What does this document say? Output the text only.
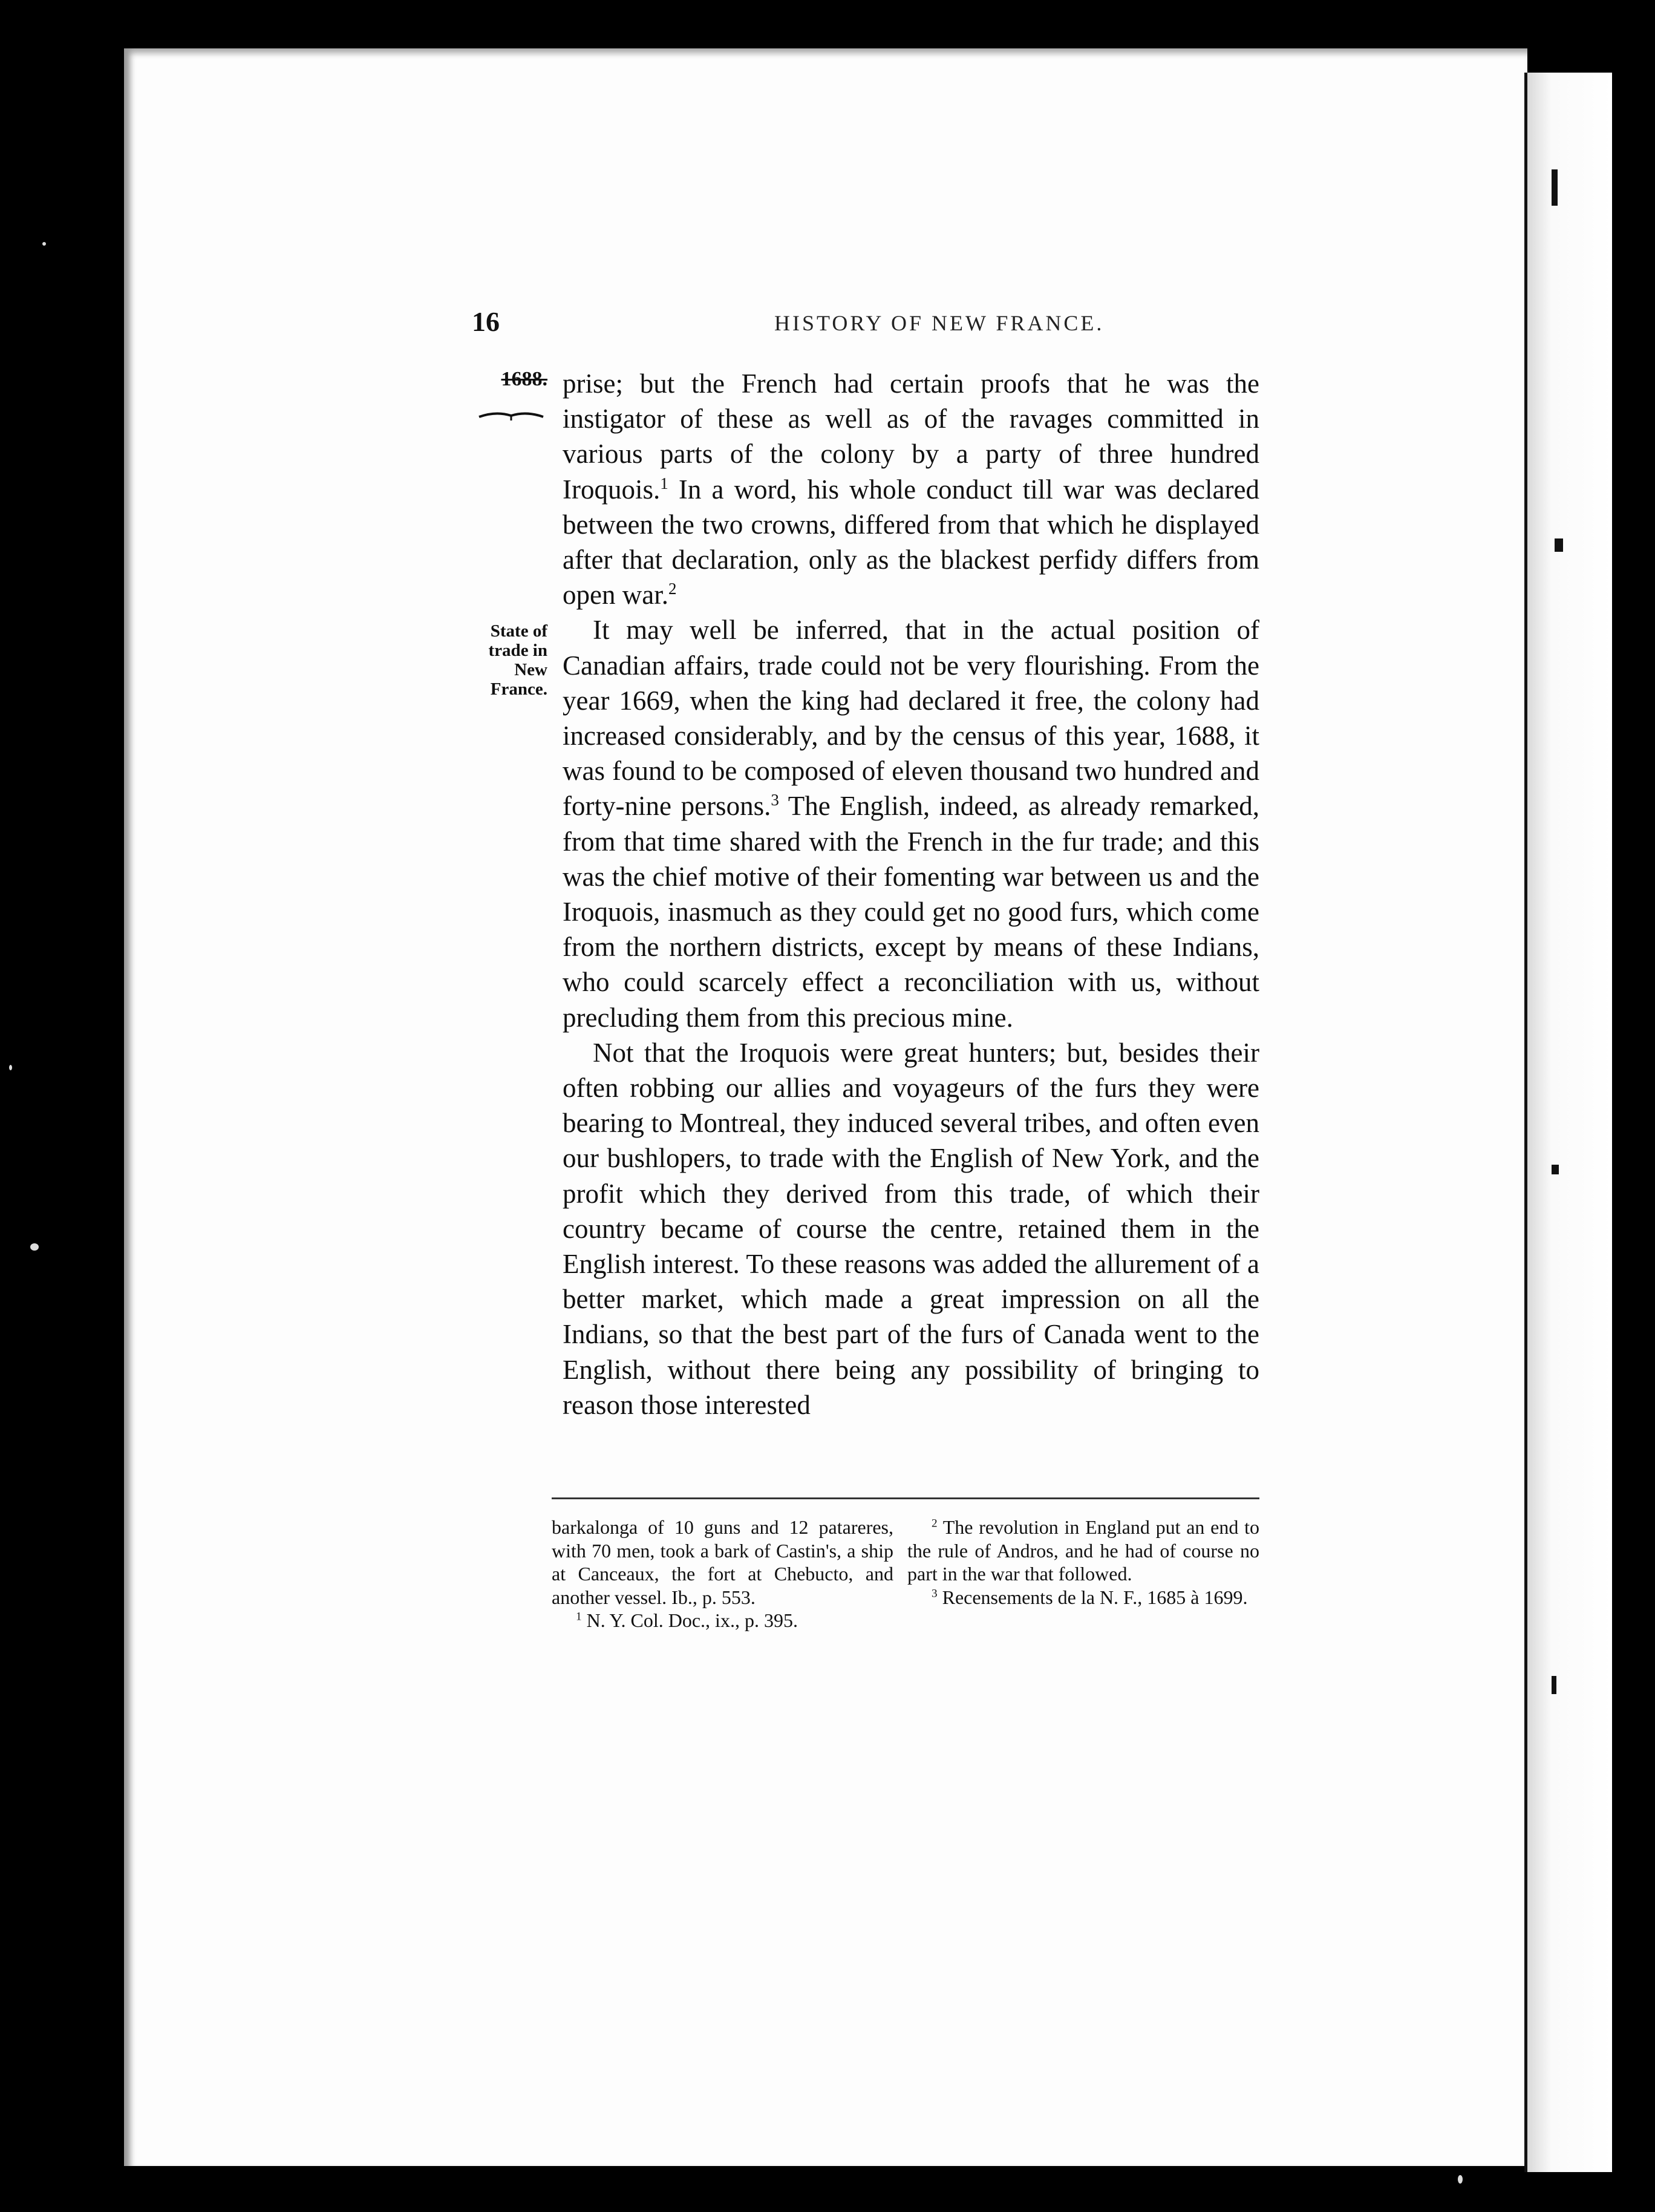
16	HISTORY OF NEW FRANCE.
1688.
State of
trade in
New
France.

prise; but the French had certain proofs that he was the instigator of these as well as of the ravages committed in various parts of the colony by a party of three hundred Iroquois.$^1$ In a word, his whole conduct till war was declared between the two crowns, differed from that which he displayed after that declaration, only as the blackest perfidy differs from open war.$^2$

It may well be inferred, that in the actual position of Canadian affairs, trade could not be very flourishing. From the year 1669, when the king had declared it free, the colony had increased considerably, and by the census of this year, 1688, it was found to be composed of eleven thousand two hundred and forty-nine persons.$^3$ The English, indeed, as already remarked, from that time shared with the French in the fur trade; and this was the chief motive of their fomenting war between us and the Iroquois, inasmuch as they could get no good furs, which come from the northern districts, except by means of these Indians, who could scarcely effect a reconciliation with us, without precluding them from this precious mine.

Not that the Iroquois were great hunters; but, besides their often robbing our allies and voyageurs of the furs they were bearing to Montreal, they induced several tribes, and often even our bushlopers, to trade with the English of New York, and the profit which they derived from this trade, of which their country became of course the centre, retained them in the English interest. To these reasons was added the allurement of a better market, which made a great impression on all the Indians, so that the best part of the furs of Canada went to the English, without there being any possibility of bringing to reason those interested

barkalonga of 10 guns and 12 patareres, with 70 men, took a bark of Castin's, a ship at Canceaux, the fort at Chebucto, and another vessel. Ib., p. 553.

$^1$ N. Y. Col. Doc., ix., p. 395.

$^2$ The revolution in England put an end to the rule of Andros, and he had of course no part in the war that followed.

$^3$ Recensements de la N. F., 1685 à 1699.
